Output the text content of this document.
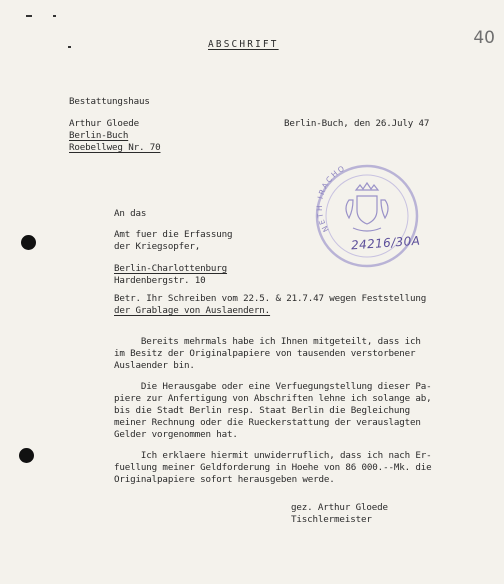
40
ABSCHRIFT
Bestattungshaus
Arthur Gloede
Berlin-Buch
Roebellweg Nr. 70
Berlin-Buch, den 26.July 47
An das
Amt fuer die Erfassung
der Kriegsopfer,
Berlin-Charlottenburg
Hardenbergstr. 10
Betr. Ihr Schreiben vom 22.5. & 21.7.47 wegen Feststellung
der Grablage von Auslaendern.
Bereits mehrmals habe ich Ihnen mitgeteilt, dass ich
im Besitz der Originalpapiere von tausenden verstorbener
Auslaender bin.
Die Herausgabe oder eine Verfuegungstellung dieser Pa-
piere zur Anfertigung von Abschriften lehne ich solange ab,
bis die Stadt Berlin resp. Staat Berlin die Begleichung
meiner Rechnung oder die Rueckerstattung der verauslagten
Gelder vorgenommen hat.
Ich erklaere hiermit unwiderruflich, dass ich nach Er-
fuellung meiner Geldforderung in Hoehe von 86 000.--Mk. die
Originalpapiere sofort herausgeben werde.
gez. Arthur Gloede
Tischlermeister
NETH IRACHO
24216/30A
